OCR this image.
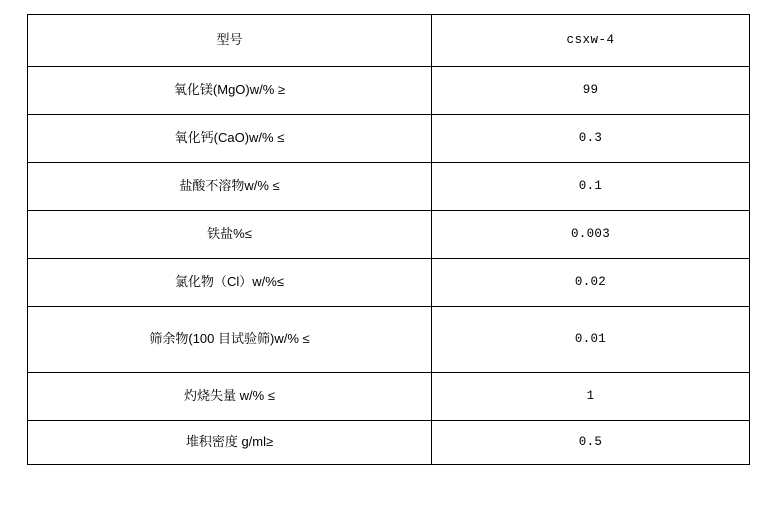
型号	csxw-4

氧化镁(MgO)w/% ≥	99

氧化钙(CaO)w/% ≤	0.3

盐酸不溶物w/% ≤	0.1

铁盐%≤	0.003

氯化物（Cl）w/%≤	0.02

筛余物(100 目试验筛)w/% ≤	0.01

灼烧失量 w/% ≤	1

堆积密度 g/ml≥	0.5
